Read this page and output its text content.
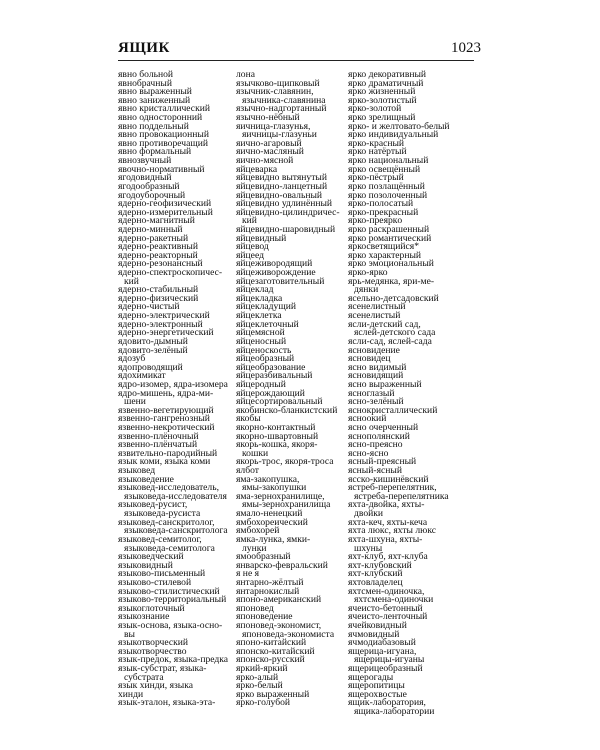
ЯЩИК	1023
явно больной
явнобрачный
явно выраженный
явно заниженный
явно кристаллический
явно односторонний
явно поддельный
явно провокационный
явно противоречащий
явно формальный
явнозвучный
явочно-нормативный
ягодовидный
ягодообразный
ягодоуборочный
ядерно-геофизический
ядерно-измерительный
ядерно-магнитный
ядерно-минный
ядерно-ракетный
ядерно-реактивный
ядерно-реакторный
ядерно-резонансный
ядерно-спектроскопичес-
кий
ядерно-стабильный
ядерно-физический
ядерно-чистый
ядерно-электрический
ядерно-электронный
ядерно-энергетический
ядовито-дымный
ядовито-зелёный
ядозуб
ядопроводящий
ядохимикат
ядро-изомер, ядра-изомера
ядро-мишень, ядра-ми-
шени
язвенно-вегетирующий
язвенно-гангренозный
язвенно-некротический
язвенно-плёночный
язвенно-плёнчатый
язвительно-пародийный
язык коми, языка коми
языковед
языковедение
языковед-исследователь,
языковеда-исследователя
языковед-русист,
языковеда-русиста
языковед-санскритолог,
языковеда-санскритолога
языковед-семитолог,
языковеда-семитолога
языковедческий
языковидный
языково-письменный
языково-стилевой
языково-стилистический
языково-территориальный
языкоглоточный
языкознание
язык-основа, языка-осно-
вы
языкотворческий
языкотворчество
язык-предок, языка-предка
язык-субстрат, языка-
субстрата
язык хинди, языка
хинди
язык-эталон, языка-эта-
лона
язычково-щипковый
язычник-славянин,
язычника-славянина
язычно-надгортанный
язычно-нёбный
яичница-глазунья,
яичницы-глазуньи
яично-агаровый
яично-масляный
яично-мясной
яйцеварка
яйцевидно вытянутый
яйцевидно-ланцетный
яйцевидно-овальный
яйцевидно удлинённый
яйцевидно-цилиндричес-
кий
яйцевидно-шаровидный
яйцевидный
яйцевод
яйцеед
яйцеживородящий
яйцеживорождение
яйцезаготовительный
яйцеклад
яйцекладка
яйцекладущий
яйцеклетка
яйцеклеточный
яйцемясной
яйценосный
яйценоскость
яйцеобразный
яйцеобразование
яйцеразбивальный
яйцеродный
яйцерождающий
яйцесортировальный
якобинско-бланкистский
якобы
якорно-контактный
якорно-швартовный
якорь-кошка, якоря-
кошки
якорь-трос, якоря-троса
ялбот
яма-закопушка,
ямы-закопушки
яма-зернохранилище,
ямы-зернохранилища
ямало-ненецкий
ямбохореический
ямбохорей
ямка-лунка, ямки-
лунки
ямообразный
январско-февральский
я не я
янтарно-жёлтый
янтарнокислый
японо-американский
японовед
японоведение
японовед-экономист,
японоведа-экономиста
японо-китайский
японско-китайский
японско-русский
яркий-яркий
ярко-алый
ярко-белый
ярко выраженный
ярко-голубой
ярко декоративный
ярко драматичный
ярко жизненный
ярко-золотистый
ярко-золотой
ярко зрелищный
ярко- и желтовато-белый
ярко индивидуальный
ярко-красный
ярко натёртый
ярко национальный
ярко освещённый
ярко-пёстрый
ярко позлащённый
ярко позолоченный
ярко-полосатый
ярко-прекрасный
ярко-преяркo
ярко раскрашенный
ярко романтический
яркосветящийся*
ярко характерный
ярко эмоциональный
ярко-ярко
ярь-медянка, яри-ме-
дянки
ясельно-детсадовский
ясенелистный
ясенелистый
ясли-детский сад,
яслей-детского сада
ясли-сад, яслей-сада
ясновидение
ясновидец
ясно видимый
ясновидящий
ясно выраженный
ясноглазый
ясно-зелёный
яснокристаллический
ясноокий
ясно очерченный
яснополянский
ясно-преясно
ясно-ясно
ясный-преясный
ясный-ясный
ясско-кишинёвский
ястреб-перепелятник,
ястреба-перепелятника
яхта-двойка, яхты-
двойки
яхта-кеч, яхты-кеча
яхта люкс, яхты люкс
яхта-шхуна, яхты-
шхуны
яхт-клуб, яхт-клуба
яхт-клубовский
яхт-клубский
яхтовладелец
яхтсмен-одиночка,
яхтсмена-одиночки
ячеисто-бетонный
ячеисто-ленточный
ячейковидный
ячмовидный
ячмодиабазовый
ящерица-игуана,
ящерицы-игуаны
ящерицеобразный
ящерогады
ящеропитицы
ящерохвостые
ящик-лаборатория,
ящика-лаборатории
